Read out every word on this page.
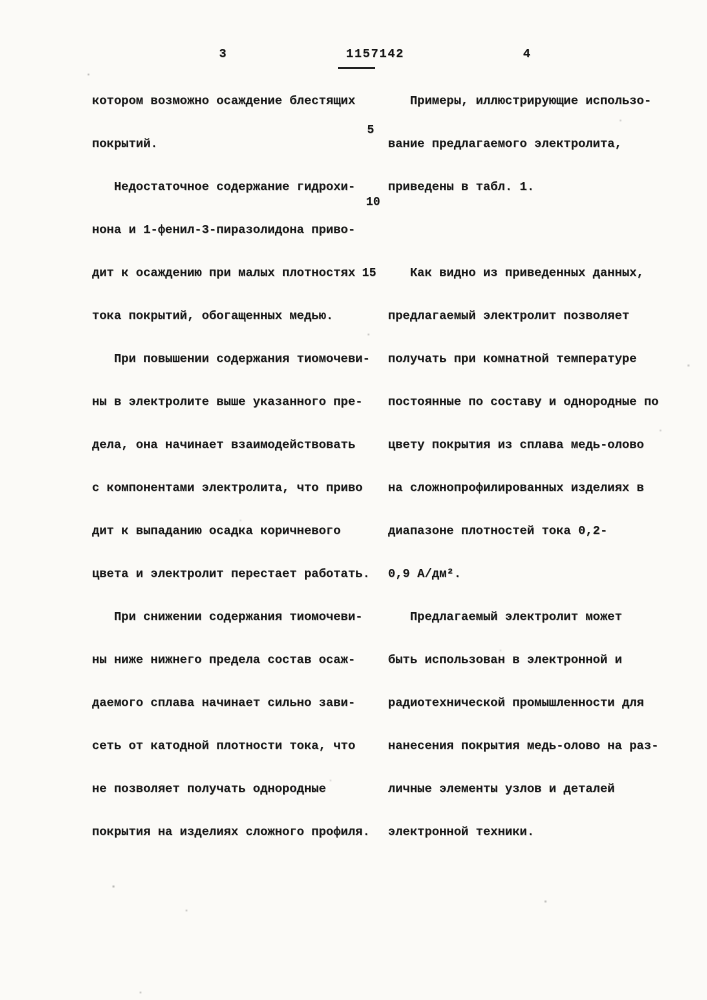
3	1157142	4

котором возможно осаждение блестящих

покрытий.

Недостаточное содержание гидрохи-

нона и 1-фенил-3-пиразолидона приво-

дит к осаждению при малых плотностях

тока покрытий, обогащенных медью.

При повышении содержания тиомочеви-

ны в электролите выше указанного пре-

дела, она начинает взаимодействовать

с компонентами электролита, что приво

дит к выпаданию осадка коричневого

цвета и электролит перестает работать.

При снижении содержания тиомочеви-

ны ниже нижнего предела состав осаж-

даемого сплава начинает сильно зави-

сеть от катодной плотности тока, что

не позволяет получать однородные

покрытия на изделиях сложного профиля.

Примеры, иллюстрирующие использо-

вание предлагаемого электролита,

приведены в табл. 1.

Как видно из приведенных данных,

предлагаемый электролит позволяет

получать при комнатной температуре

постоянные по составу и однородные по

цвету покрытия из сплава медь-олово

на сложнопрофилированных изделиях в

диапазоне плотностей тока 0,2-

0,9 А/дм².

Предлагаемый электролит может

быть использован в электронной и

радиотехнической промышленности для

нанесения покрытия медь-олово на раз-

личные элементы узлов и деталей

электронной техники.

5
10
15
